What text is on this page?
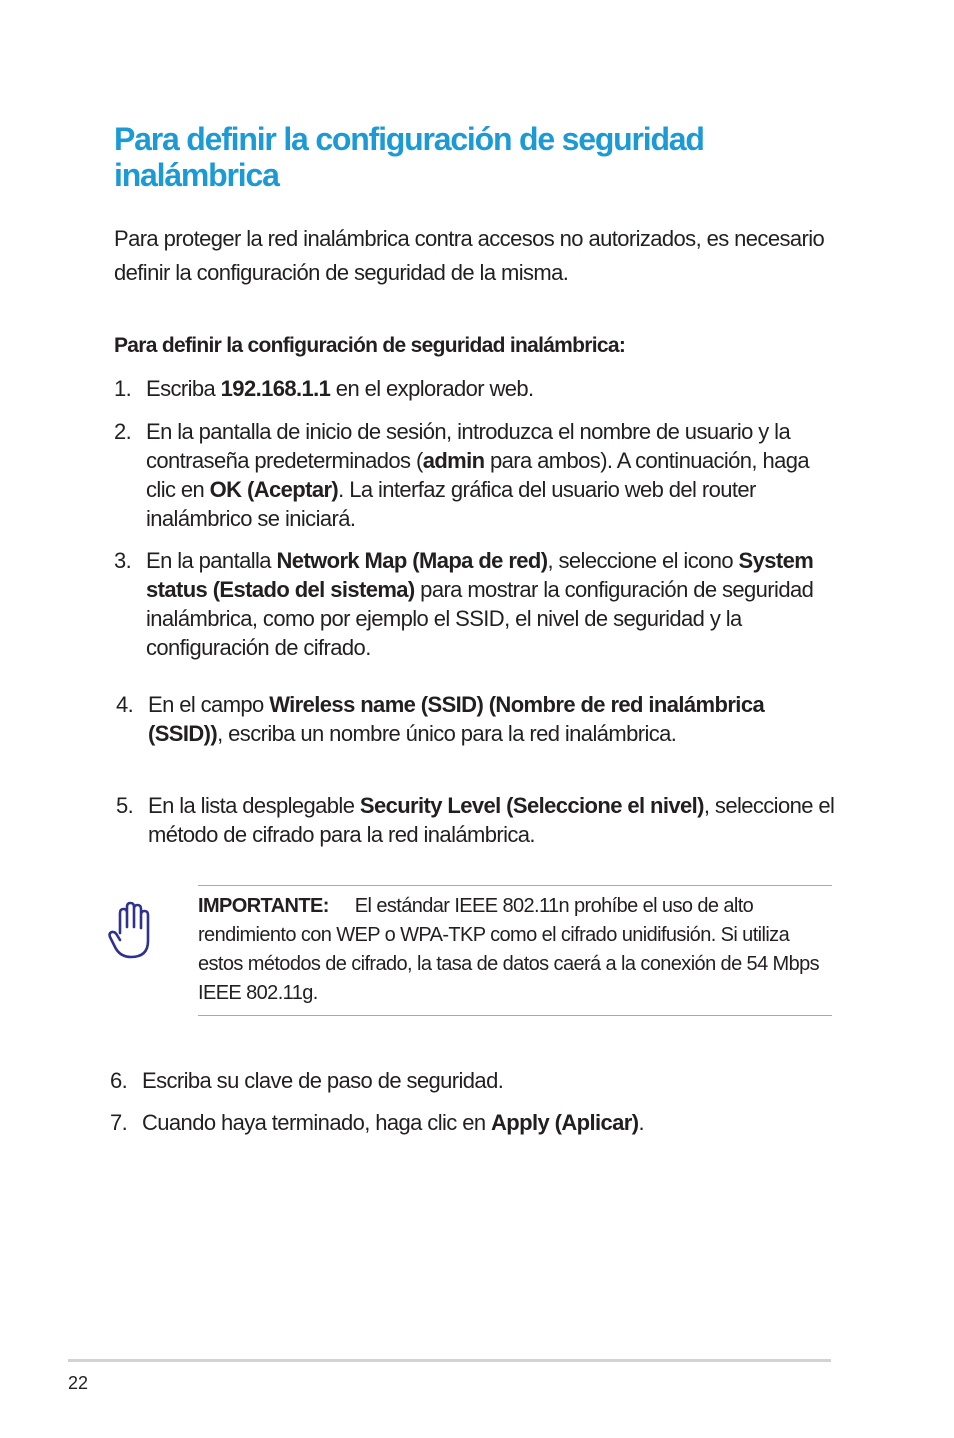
Para definir la configuración de seguridad inalámbrica

Para proteger la red inalámbrica contra accesos no autorizados, es necesario definir la configuración de seguridad de la misma.

Para definir la configuración de seguridad inalámbrica:

1. Escriba 192.168.1.1 en el explorador web.
2. En la pantalla de inicio de sesión, introduzca el nombre de usuario y la contraseña predeterminados (admin para ambos). A continuación, haga clic en OK (Aceptar). La interfaz gráfica del usuario web del router inalámbrico se iniciará.
3. En la pantalla Network Map (Mapa de red), seleccione el icono System status (Estado del sistema) para mostrar la configuración de seguridad inalámbrica, como por ejemplo el SSID, el nivel de seguridad y la configuración de cifrado.
4. En el campo Wireless name (SSID) (Nombre de red inalámbrica (SSID)), escriba un nombre único para la red inalámbrica.
5. En la lista desplegable Security Level (Seleccione el nivel), seleccione el método de cifrado para la red inalámbrica.

IMPORTANTE: El estándar IEEE 802.11n prohíbe el uso de alto rendimiento con WEP o WPA-TKP como el cifrado unidifusión. Si utiliza estos métodos de cifrado, la tasa de datos caerá a la conexión de 54 Mbps IEEE 802.11g.

6. Escriba su clave de paso de seguridad.
7. Cuando haya terminado, haga clic en Apply (Aplicar).
22
